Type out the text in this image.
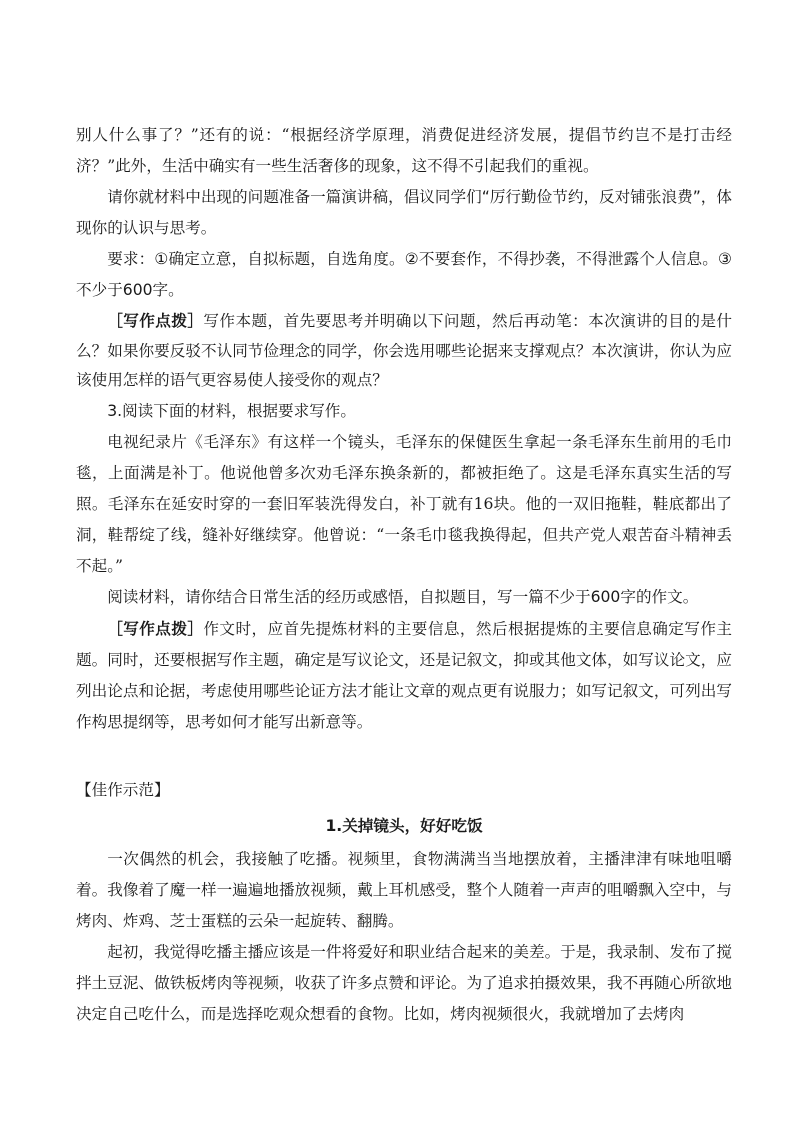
别人什么事了？”还有的说：“根据经济学原理，消费促进经济发展，提倡节约岂不是打击经济？”此外，生活中确实有一些生活奢侈的现象，这不得不引起我们的重视。

请你就材料中出现的问题准备一篇演讲稿，倡议同学们“厉行勤俭节约，反对铺张浪费”，体现你的认识与思考。

要求：①确定立意，自拟标题，自选角度。②不要套作，不得抄袭，不得泄露个人信息。③不少于600字。

［写作点拨］写作本题，首先要思考并明确以下问题，然后再动笔：本次演讲的目的是什么？如果你要反驳不认同节俭理念的同学，你会选用哪些论据来支撑观点？本次演讲，你认为应该使用怎样的语气更容易使人接受你的观点？

3.阅读下面的材料，根据要求写作。

电视纪录片《毛泽东》有这样一个镜头，毛泽东的保健医生拿起一条毛泽东生前用的毛巾毯，上面满是补丁。他说他曾多次劝毛泽东换条新的，都被拒绝了。这是毛泽东真实生活的写照。毛泽东在延安时穿的一套旧军装洗得发白，补丁就有16块。他的一双旧拖鞋，鞋底都出了洞，鞋帮绽了线，缝补好继续穿。他曾说：“一条毛巾毯我换得起，但共产党人艰苦奋斗精神丢不起。”

阅读材料，请你结合日常生活的经历或感悟，自拟题目，写一篇不少于600字的作文。

［写作点拨］作文时，应首先提炼材料的主要信息，然后根据提炼的主要信息确定写作主题。同时，还要根据写作主题，确定是写议论文，还是记叙文，抑或其他文体，如写议论文，应列出论点和论据，考虑使用哪些论证方法才能让文章的观点更有说服力；如写记叙文，可列出写作构思提纲等，思考如何才能写出新意等。

【佳作示范】

1.关掉镜头，好好吃饭

一次偶然的机会，我接触了吃播。视频里，食物满满当当地摆放着，主播津津有味地咀嚼着。我像着了魔一样一遍遍地播放视频，戴上耳机感受，整个人随着一声声的咀嚼飘入空中，与烤肉、炸鸡、芝士蛋糕的云朵一起旋转、翻腾。

起初，我觉得吃播主播应该是一件将爱好和职业结合起来的美差。于是，我录制、发布了搅拌土豆泥、做铁板烤肉等视频，收获了许多点赞和评论。为了追求拍摄效果，我不再随心所欲地决定自己吃什么，而是选择吃观众想看的食物。比如，烤肉视频很火，我就增加了去烤肉
